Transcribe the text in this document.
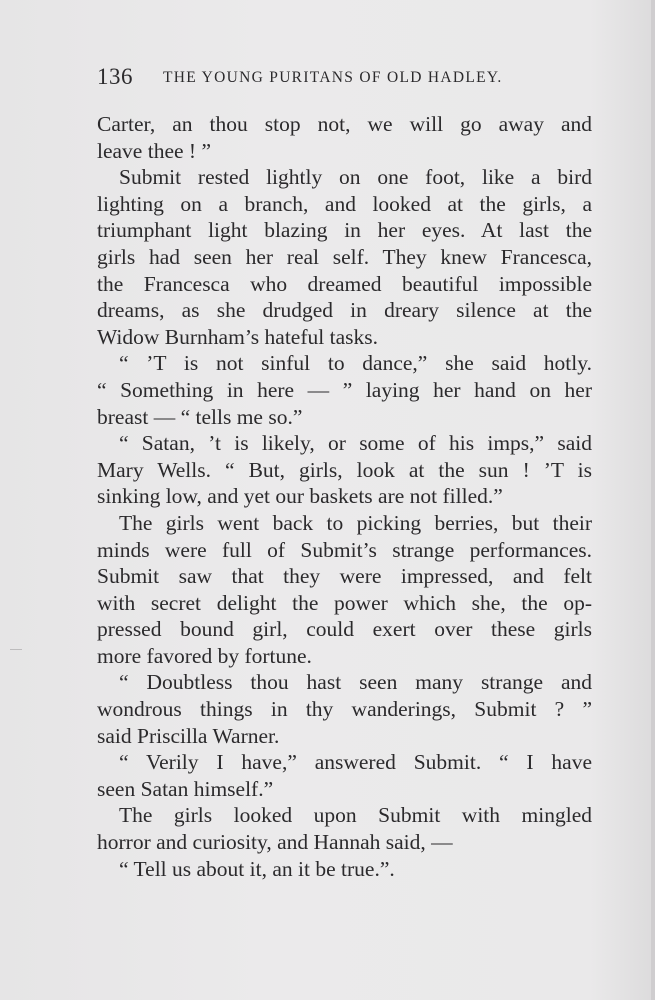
136 THE YOUNG PURITANS OF OLD HADLEY.
Carter, an thou stop not, we will go away and
leave thee ! ”
Submit rested lightly on one foot, like a bird
lighting on a branch, and looked at the girls, a
triumphant light blazing in her eyes. At last the
girls had seen her real self. They knew Francesca,
the Francesca who dreamed beautiful impossible
dreams, as she drudged in dreary silence at the
Widow Burnham’s hateful tasks.
“ ’T is not sinful to dance,” she said hotly.
“ Something in here — ” laying her hand on her
breast — “ tells me so.”
“ Satan, ’t is likely, or some of his imps,” said
Mary Wells. “ But, girls, look at the sun ! ’T is
sinking low, and yet our baskets are not filled.”
The girls went back to picking berries, but their
minds were full of Submit’s strange performances.
Submit saw that they were impressed, and felt
with secret delight the power which she, the op-
pressed bound girl, could exert over these girls
more favored by fortune.
“ Doubtless thou hast seen many strange and
wondrous things in thy wanderings, Submit ? ”
said Priscilla Warner.
“ Verily I have,” answered Submit. “ I have
seen Satan himself.”
The girls looked upon Submit with mingled
horror and curiosity, and Hannah said, —
“ Tell us about it, an it be true.”.
